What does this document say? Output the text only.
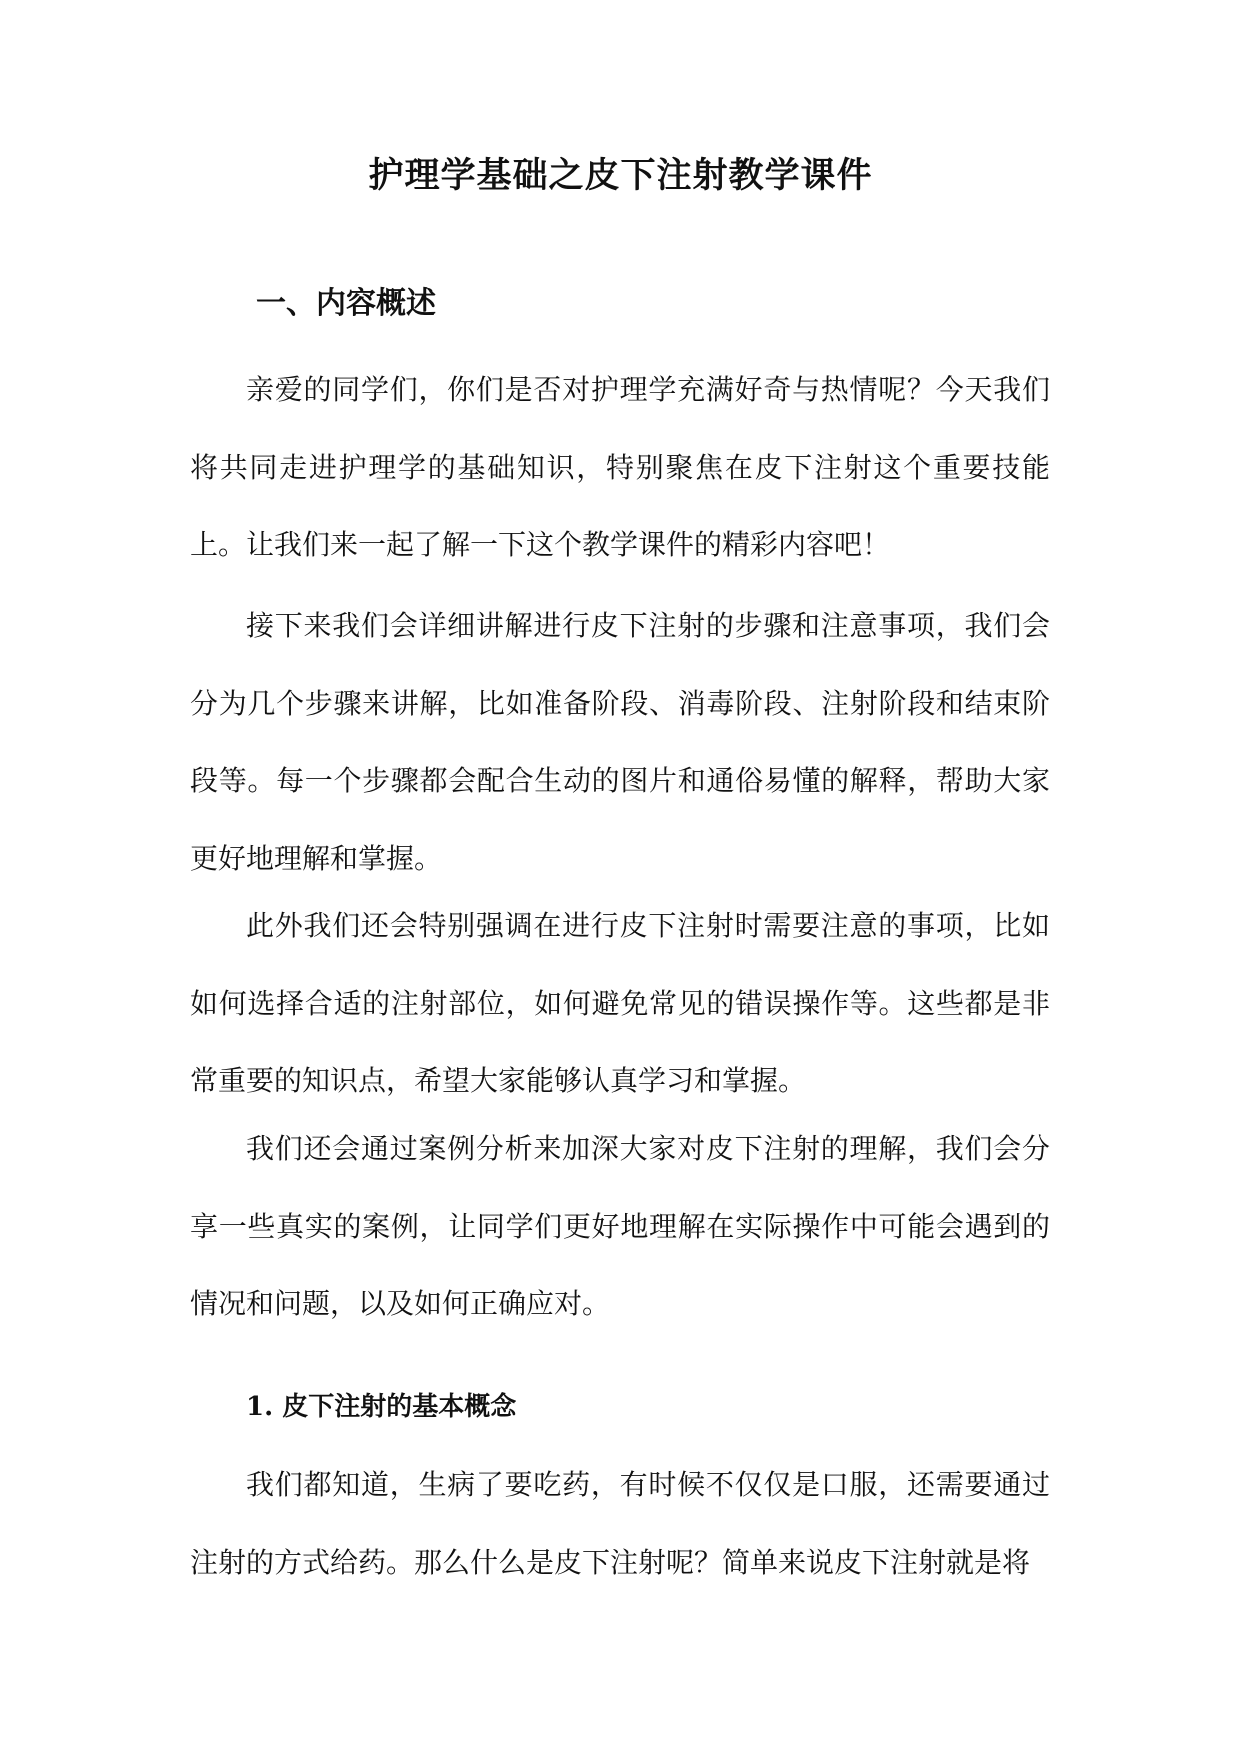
护理学基础之皮下注射教学课件
一、内容概述

亲爱的同学们，你们是否对护理学充满好奇与热情呢？今天我们将共同走进护理学的基础知识，特别聚焦在皮下注射这个重要技能上。让我们来一起了解一下这个教学课件的精彩内容吧！

接下来我们会详细讲解进行皮下注射的步骤和注意事项，我们会分为几个步骤来讲解，比如准备阶段、消毒阶段、注射阶段和结束阶段等。每一个步骤都会配合生动的图片和通俗易懂的解释，帮助大家更好地理解和掌握。

此外我们还会特别强调在进行皮下注射时需要注意的事项，比如如何选择合适的注射部位，如何避免常见的错误操作等。这些都是非常重要的知识点，希望大家能够认真学习和掌握。

我们还会通过案例分析来加深大家对皮下注射的理解，我们会分享一些真实的案例，让同学们更好地理解在实际操作中可能会遇到的情况和问题，以及如何正确应对。

1. 皮下注射的基本概念

我们都知道，生病了要吃药，有时候不仅仅是口服，还需要通过注射的方式给药。那么什么是皮下注射呢？简单来说皮下注射就是将
